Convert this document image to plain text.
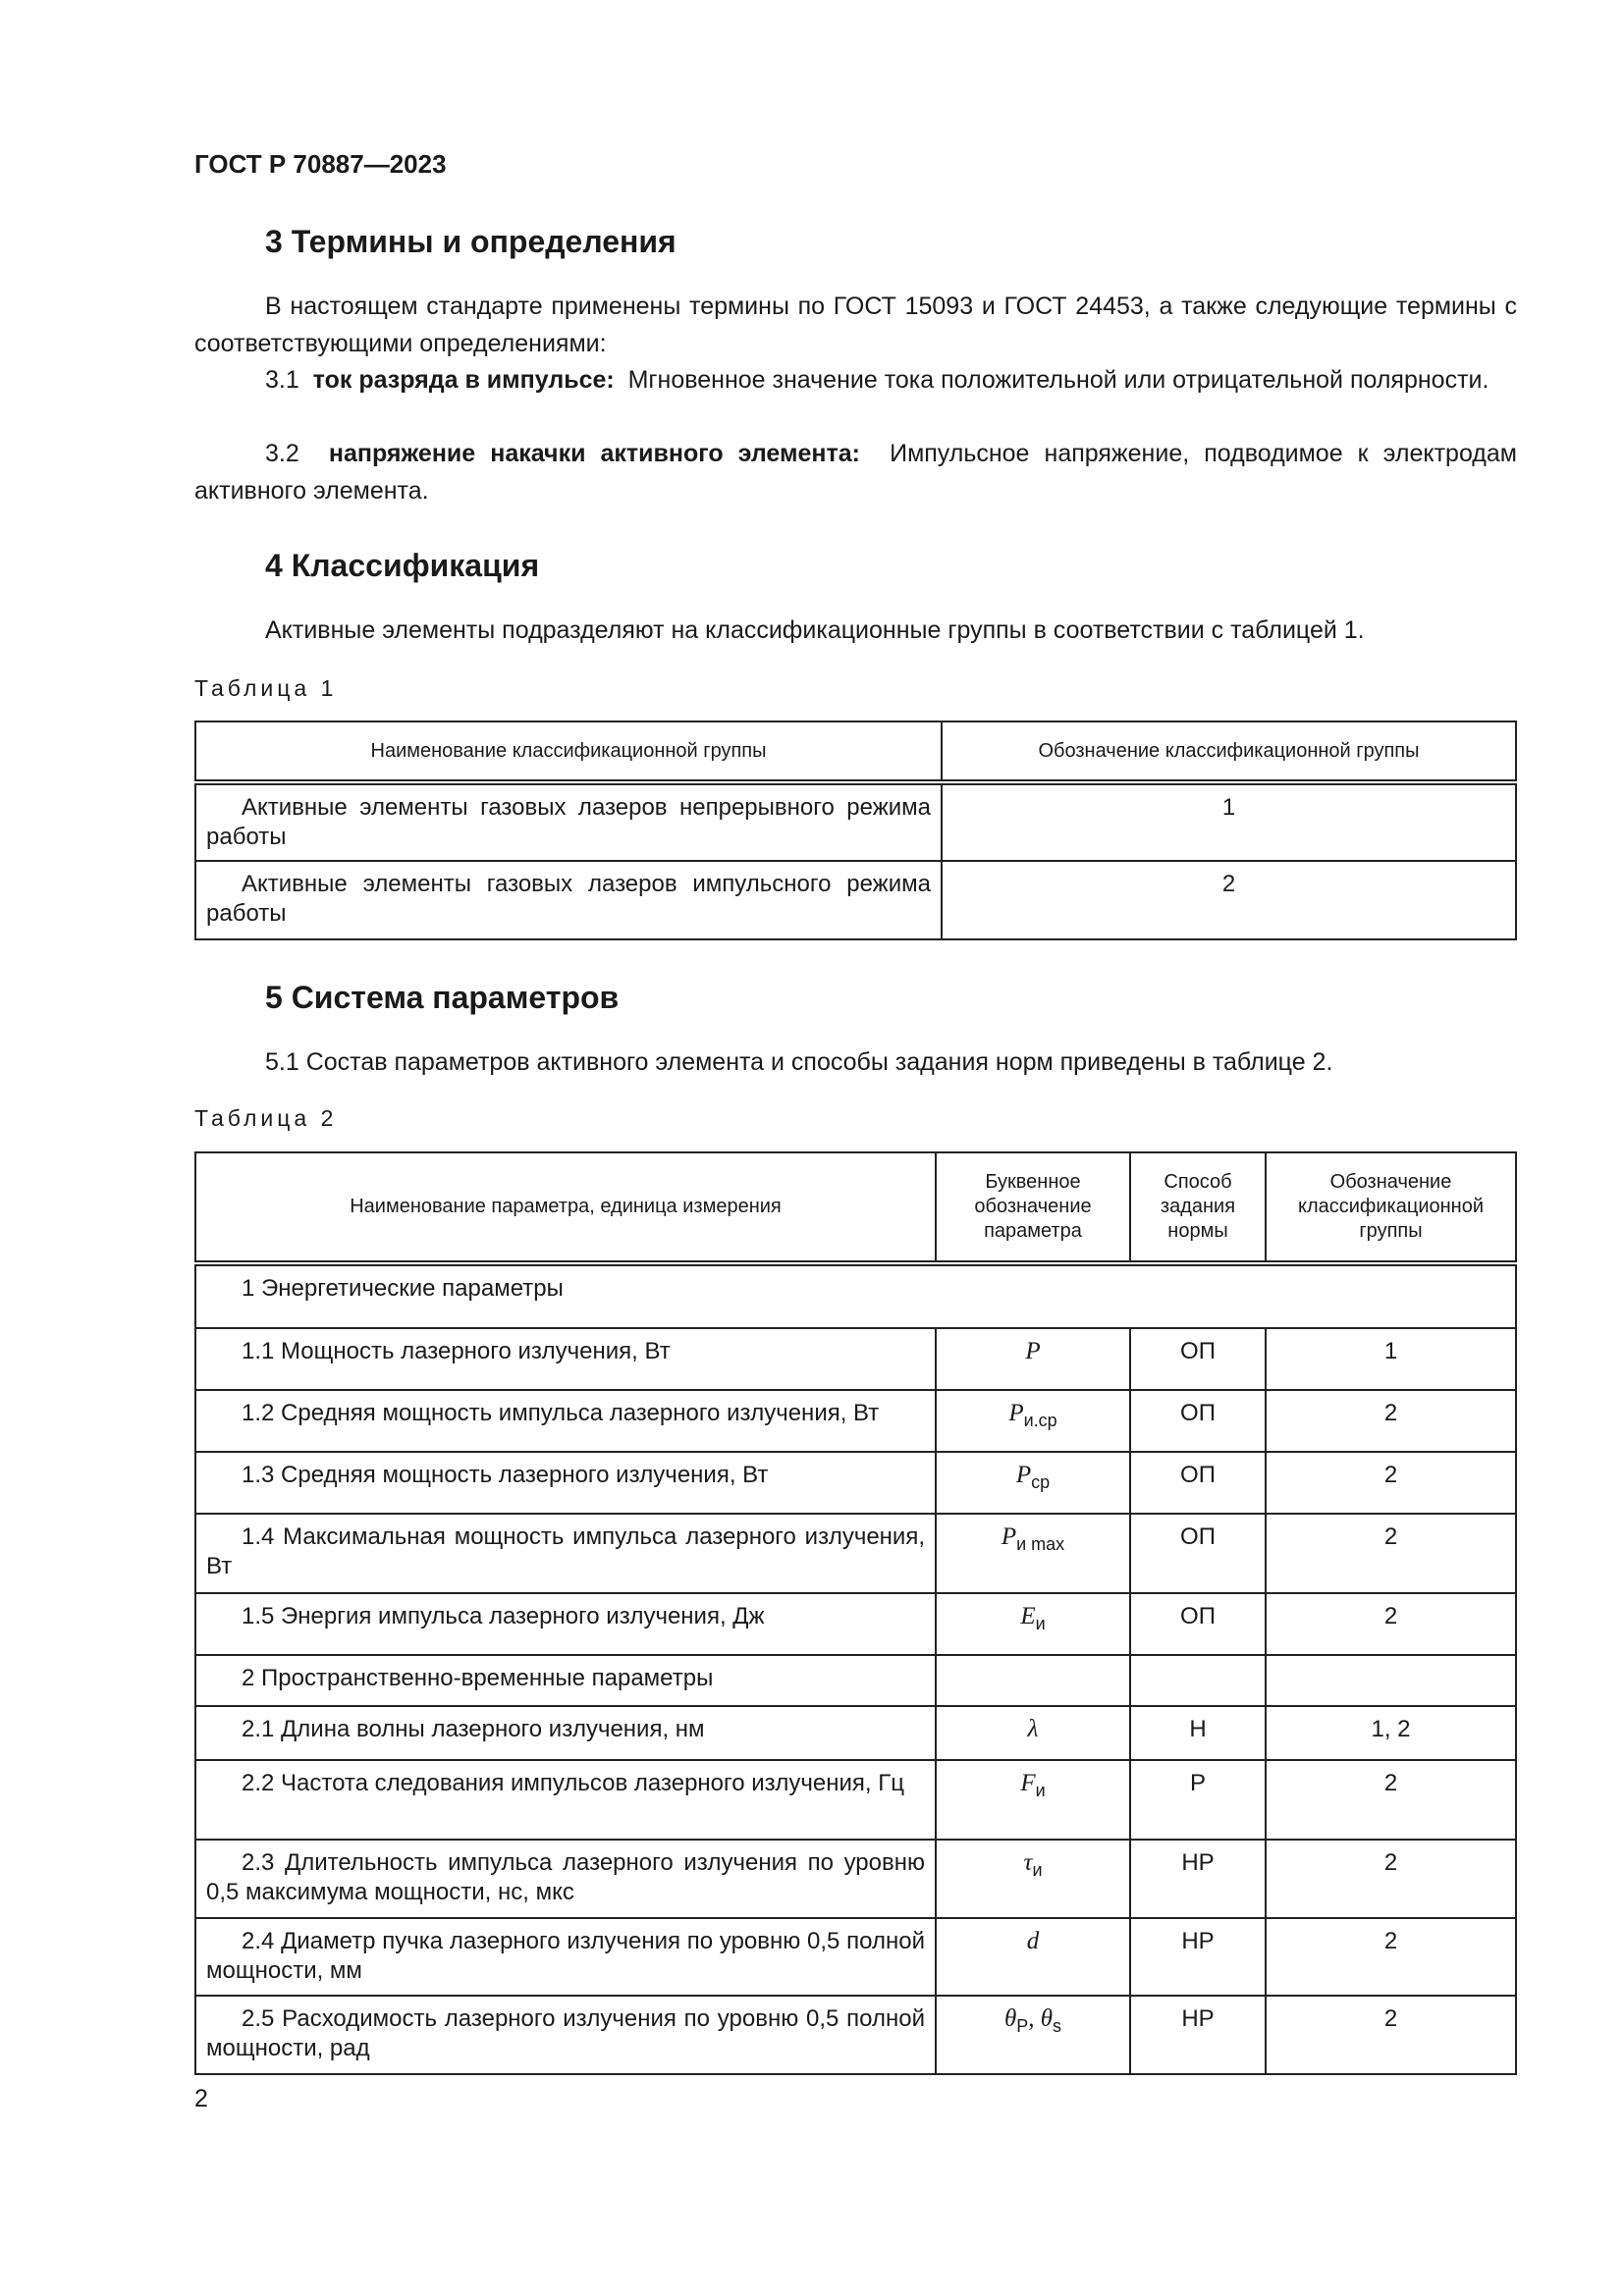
ГОСТ Р 70887—2023
3 Термины и определения
В настоящем стандарте применены термины по ГОСТ 15093 и ГОСТ 24453, а также следующие термины с соответствующими определениями:
3.1 ток разряда в импульсе: Мгновенное значение тока положительной или отрицательной полярности.
3.2 напряжение накачки активного элемента: Импульсное напряжение, подводимое к электродам активного элемента.
4 Классификация
Активные элементы подразделяют на классификационные группы в соответствии с таблицей 1.
Таблица 1
Наименование классификационной группы	Обозначение классификационной группы
Активные элементы газовых лазеров непрерывного режима работы	1
Активные элементы газовых лазеров импульсного режима работы	2
5 Система параметров
5.1 Состав параметров активного элемента и способы задания норм приведены в таблице 2.
Таблица 2
Наименование параметра, единица измерения	Буквенное обозначение параметра	Способ задания нормы	Обозначение классификационной группы
1 Энергетические параметры			
1.1 Мощность лазерного излучения, Вт	P	ОП	1
1.2 Средняя мощность импульса лазерного излучения, Вт	$P_{и.ср}$	ОП	2
1.3 Средняя мощность лазерного излучения, Вт	$P_{ср}$	ОП	2
1.4 Максимальная мощность импульса лазерного излучения, Вт	$P_{и max}$	ОП	2
1.5 Энергия импульса лазерного излучения, Дж	$E_и$	ОП	2
2 Пространственно-временные параметры			
2.1 Длина волны лазерного излучения, нм	λ	Н	1, 2
2.2 Частота следования импульсов лазерного излучения, Гц	$F_и$	Р	2
2.3 Длительность импульса лазерного излучения по уровню 0,5 максимума мощности, нс, мкс	$\tau_и$	НР	2
2.4 Диаметр пучка лазерного излучения по уровню 0,5 полной мощности, мм	d	НР	2
2.5 Расходимость лазерного излучения по уровню 0,5 полной мощности, рад	$\theta_P$, $\theta_s$	НР	2
2
